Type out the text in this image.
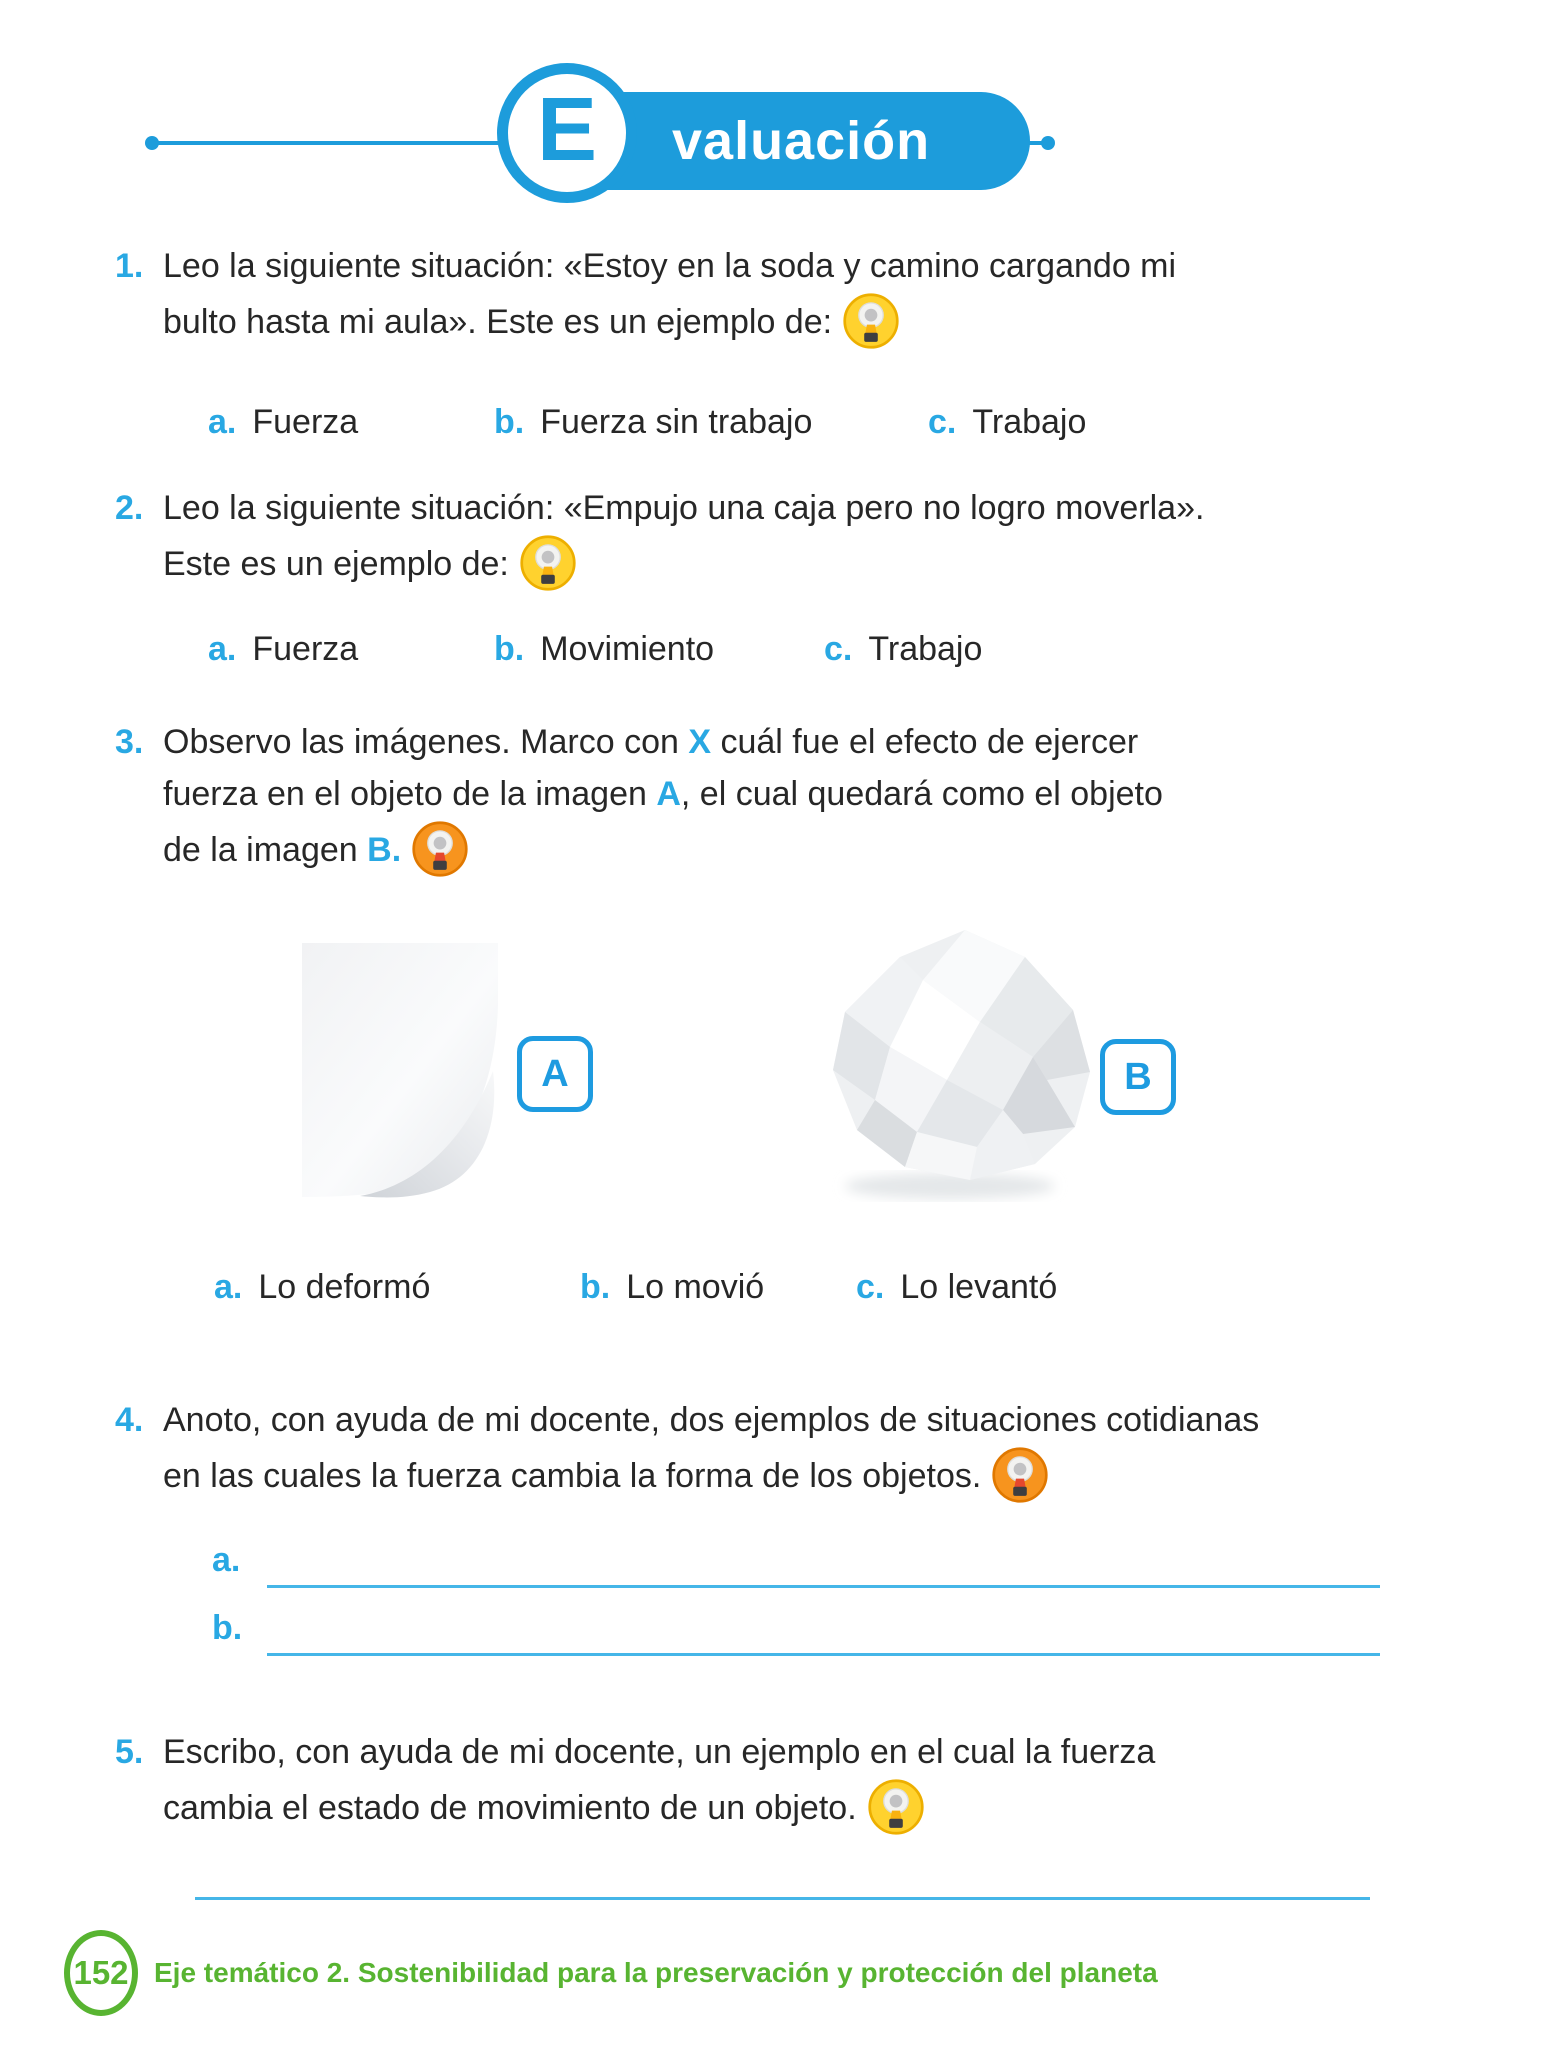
valuación
E
1. Leo la siguiente situación: «Estoy en la soda y camino cargando mi
bulto hasta mi aula». Este es un ejemplo de:

a. Fuerza	b. Fuerza sin trabajo	c. Trabajo
2. Leo la siguiente situación: «Empujo una caja pero no logro moverla».
Este es un ejemplo de:

a. Fuerza	b. Movimiento	c. Trabajo
3. Observo las imágenes. Marco con X cuál fue el efecto de ejercer
fuerza en el objeto de la imagen A, el cual quedará como el objeto
de la imagen B.

A	B
a. Lo deformó	b. Lo movió	c. Lo levantó
4. Anoto, con ayuda de mi docente, dos ejemplos de situaciones cotidianas
en las cuales la fuerza cambia la forma de los objetos.

a.
b.
5. Escribo, con ayuda de mi docente, un ejemplo en el cual la fuerza
cambia el estado de movimiento de un objeto.

152 Eje temático 2. Sostenibilidad para la preservación y protección del planeta
